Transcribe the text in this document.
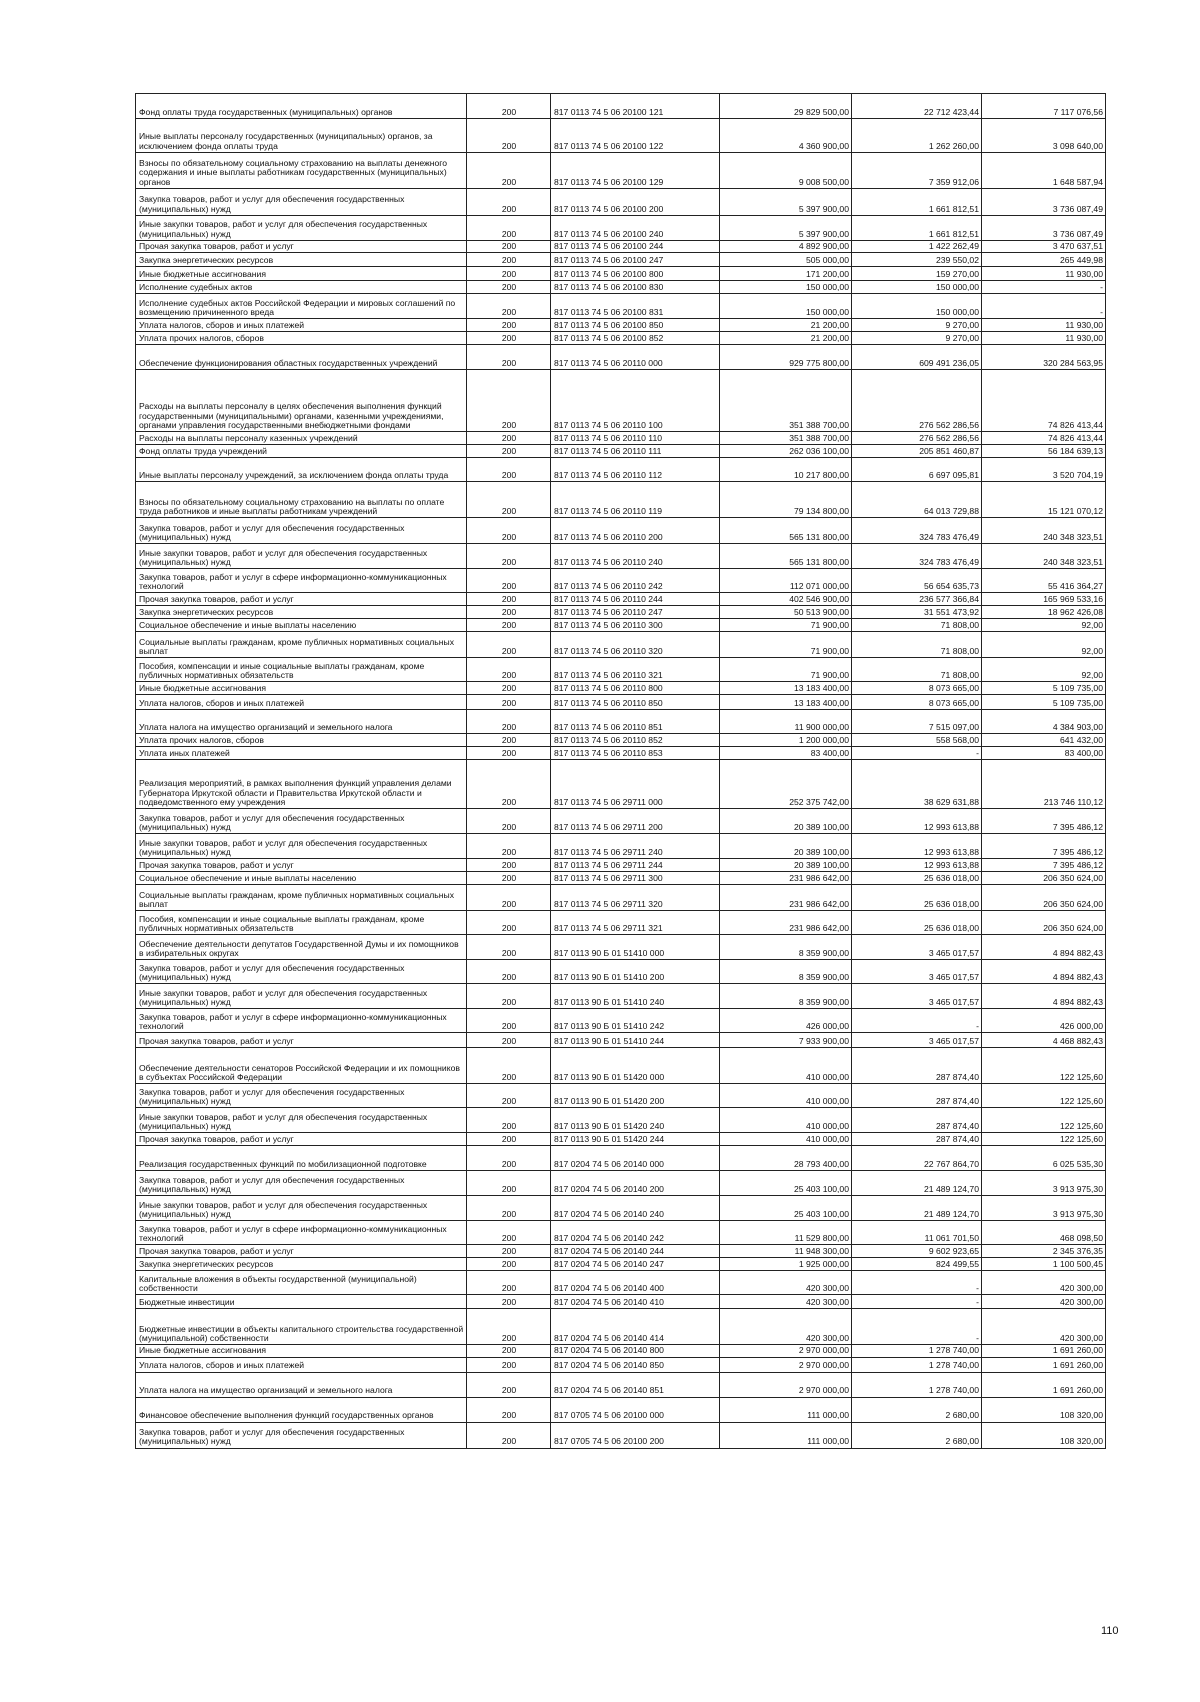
Фонд оплаты труда государственных (муниципальных) органов	200	817 0113 74 5 06 20100 121	29 829 500,00	22 712 423,44	7 117 076,56
Иные выплаты персоналу государственных (муниципальных) органов, за исключением фонда оплаты труда	200	817 0113 74 5 06 20100 122	4 360 900,00	1 262 260,00	3 098 640,00
Взносы по обязательному социальному страхованию на выплаты денежного содержания и иные выплаты работникам государственных (муниципальных) органов	200	817 0113 74 5 06 20100 129	9 008 500,00	7 359 912,06	1 648 587,94
Закупка товаров, работ и услуг для обеспечения государственных (муниципальных) нужд	200	817 0113 74 5 06 20100 200	5 397 900,00	1 661 812,51	3 736 087,49
Иные закупки товаров, работ и услуг для обеспечения государственных (муниципальных) нужд	200	817 0113 74 5 06 20100 240	5 397 900,00	1 661 812,51	3 736 087,49
Прочая закупка товаров, работ и услуг	200	817 0113 74 5 06 20100 244	4 892 900,00	1 422 262,49	3 470 637,51
Закупка энергетических ресурсов	200	817 0113 74 5 06 20100 247	505 000,00	239 550,02	265 449,98
Иные бюджетные ассигнования	200	817 0113 74 5 06 20100 800	171 200,00	159 270,00	11 930,00
Исполнение судебных актов	200	817 0113 74 5 06 20100 830	150 000,00	150 000,00	-
Исполнение судебных актов Российской Федерации и мировых соглашений по возмещению причиненного вреда	200	817 0113 74 5 06 20100 831	150 000,00	150 000,00	-
Уплата налогов, сборов и иных платежей	200	817 0113 74 5 06 20100 850	21 200,00	9 270,00	11 930,00
Уплата прочих налогов, сборов	200	817 0113 74 5 06 20100 852	21 200,00	9 270,00	11 930,00
Обеспечение функционирования областных государственных учреждений	200	817 0113 74 5 06 20110 000	929 775 800,00	609 491 236,05	320 284 563,95
Расходы на выплаты персоналу в целях обеспечения выполнения функций государственными (муниципальными) органами, казенными учреждениями, органами управления государственными внебюджетными фондами	200	817 0113 74 5 06 20110 100	351 388 700,00	276 562 286,56	74 826 413,44
Расходы на выплаты персоналу казенных учреждений	200	817 0113 74 5 06 20110 110	351 388 700,00	276 562 286,56	74 826 413,44
Фонд оплаты труда учреждений	200	817 0113 74 5 06 20110 111	262 036 100,00	205 851 460,87	56 184 639,13
Иные выплаты персоналу учреждений, за исключением фонда оплаты труда	200	817 0113 74 5 06 20110 112	10 217 800,00	6 697 095,81	3 520 704,19
Взносы по обязательному социальному страхованию на выплаты по оплате труда работников и иные выплаты работникам учреждений	200	817 0113 74 5 06 20110 119	79 134 800,00	64 013 729,88	15 121 070,12
Закупка товаров, работ и услуг для обеспечения государственных (муниципальных) нужд	200	817 0113 74 5 06 20110 200	565 131 800,00	324 783 476,49	240 348 323,51
Иные закупки товаров, работ и услуг для обеспечения государственных (муниципальных) нужд	200	817 0113 74 5 06 20110 240	565 131 800,00	324 783 476,49	240 348 323,51
Закупка товаров, работ и услуг в сфере информационно-коммуникационных технологий	200	817 0113 74 5 06 20110 242	112 071 000,00	56 654 635,73	55 416 364,27
Прочая закупка товаров, работ и услуг	200	817 0113 74 5 06 20110 244	402 546 900,00	236 577 366,84	165 969 533,16
Закупка энергетических ресурсов	200	817 0113 74 5 06 20110 247	50 513 900,00	31 551 473,92	18 962 426,08
Социальное обеспечение и иные выплаты населению	200	817 0113 74 5 06 20110 300	71 900,00	71 808,00	92,00
Социальные выплаты гражданам, кроме публичных нормативных социальных выплат	200	817 0113 74 5 06 20110 320	71 900,00	71 808,00	92,00
Пособия, компенсации и иные социальные выплаты гражданам, кроме публичных нормативных обязательств	200	817 0113 74 5 06 20110 321	71 900,00	71 808,00	92,00
Иные бюджетные ассигнования	200	817 0113 74 5 06 20110 800	13 183 400,00	8 073 665,00	5 109 735,00
Уплата налогов, сборов и иных платежей	200	817 0113 74 5 06 20110 850	13 183 400,00	8 073 665,00	5 109 735,00
Уплата налога на имущество организаций и земельного налога	200	817 0113 74 5 06 20110 851	11 900 000,00	7 515 097,00	4 384 903,00
Уплата прочих налогов, сборов	200	817 0113 74 5 06 20110 852	1 200 000,00	558 568,00	641 432,00
Уплата иных платежей	200	817 0113 74 5 06 20110 853	83 400,00	-	83 400,00
Реализация мероприятий, в рамках выполнения функций управления делами Губернатора Иркутской области и Правительства Иркутской области и подведомственного ему учреждения	200	817 0113 74 5 06 29711 000	252 375 742,00	38 629 631,88	213 746 110,12
Закупка товаров, работ и услуг для обеспечения государственных (муниципальных) нужд	200	817 0113 74 5 06 29711 200	20 389 100,00	12 993 613,88	7 395 486,12
Иные закупки товаров, работ и услуг для обеспечения государственных (муниципальных) нужд	200	817 0113 74 5 06 29711 240	20 389 100,00	12 993 613,88	7 395 486,12
Прочая закупка товаров, работ и услуг	200	817 0113 74 5 06 29711 244	20 389 100,00	12 993 613,88	7 395 486,12
Социальное обеспечение и иные выплаты населению	200	817 0113 74 5 06 29711 300	231 986 642,00	25 636 018,00	206 350 624,00
Социальные выплаты гражданам, кроме публичных нормативных социальных выплат	200	817 0113 74 5 06 29711 320	231 986 642,00	25 636 018,00	206 350 624,00
Пособия, компенсации и иные социальные выплаты гражданам, кроме публичных нормативных обязательств	200	817 0113 74 5 06 29711 321	231 986 642,00	25 636 018,00	206 350 624,00
Обеспечение деятельности депутатов Государственной Думы и их помощников в избирательных округах	200	817 0113 90 Б 01 51410 000	8 359 900,00	3 465 017,57	4 894 882,43
Закупка товаров, работ и услуг для обеспечения государственных (муниципальных) нужд	200	817 0113 90 Б 01 51410 200	8 359 900,00	3 465 017,57	4 894 882,43
Иные закупки товаров, работ и услуг для обеспечения государственных (муниципальных) нужд	200	817 0113 90 Б 01 51410 240	8 359 900,00	3 465 017,57	4 894 882,43
Закупка товаров, работ и услуг в сфере информационно-коммуникационных технологий	200	817 0113 90 Б 01 51410 242	426 000,00	-	426 000,00
Прочая закупка товаров, работ и услуг	200	817 0113 90 Б 01 51410 244	7 933 900,00	3 465 017,57	4 468 882,43
Обеспечение деятельности сенаторов Российской Федерации и их помощников в субъектах Российской Федерации	200	817 0113 90 Б 01 51420 000	410 000,00	287 874,40	122 125,60
Закупка товаров, работ и услуг для обеспечения государственных (муниципальных) нужд	200	817 0113 90 Б 01 51420 200	410 000,00	287 874,40	122 125,60
Иные закупки товаров, работ и услуг для обеспечения государственных (муниципальных) нужд	200	817 0113 90 Б 01 51420 240	410 000,00	287 874,40	122 125,60
Прочая закупка товаров, работ и услуг	200	817 0113 90 Б 01 51420 244	410 000,00	287 874,40	122 125,60
Реализация государственных функций по мобилизационной подготовке	200	817 0204 74 5 06 20140 000	28 793 400,00	22 767 864,70	6 025 535,30
Закупка товаров, работ и услуг для обеспечения государственных (муниципальных) нужд	200	817 0204 74 5 06 20140 200	25 403 100,00	21 489 124,70	3 913 975,30
Иные закупки товаров, работ и услуг для обеспечения государственных (муниципальных) нужд	200	817 0204 74 5 06 20140 240	25 403 100,00	21 489 124,70	3 913 975,30
Закупка товаров, работ и услуг в сфере информационно-коммуникационных технологий	200	817 0204 74 5 06 20140 242	11 529 800,00	11 061 701,50	468 098,50
Прочая закупка товаров, работ и услуг	200	817 0204 74 5 06 20140 244	11 948 300,00	9 602 923,65	2 345 376,35
Закупка энергетических ресурсов	200	817 0204 74 5 06 20140 247	1 925 000,00	824 499,55	1 100 500,45
Капитальные вложения в объекты государственной (муниципальной) собственности	200	817 0204 74 5 06 20140 400	420 300,00	-	420 300,00
Бюджетные инвестиции	200	817 0204 74 5 06 20140 410	420 300,00	-	420 300,00
Бюджетные инвестиции в объекты капитального строительства государственной (муниципальной) собственности	200	817 0204 74 5 06 20140 414	420 300,00	-	420 300,00
Иные бюджетные ассигнования	200	817 0204 74 5 06 20140 800	2 970 000,00	1 278 740,00	1 691 260,00
Уплата налогов, сборов и иных платежей	200	817 0204 74 5 06 20140 850	2 970 000,00	1 278 740,00	1 691 260,00
Уплата налога на имущество организаций и земельного налога	200	817 0204 74 5 06 20140 851	2 970 000,00	1 278 740,00	1 691 260,00
Финансовое обеспечение выполнения функций государственных органов	200	817 0705 74 5 06 20100 000	111 000,00	2 680,00	108 320,00
Закупка товаров, работ и услуг для обеспечения государственных (муниципальных) нужд	200	817 0705 74 5 06 20100 200	111 000,00	2 680,00	108 320,00
110
